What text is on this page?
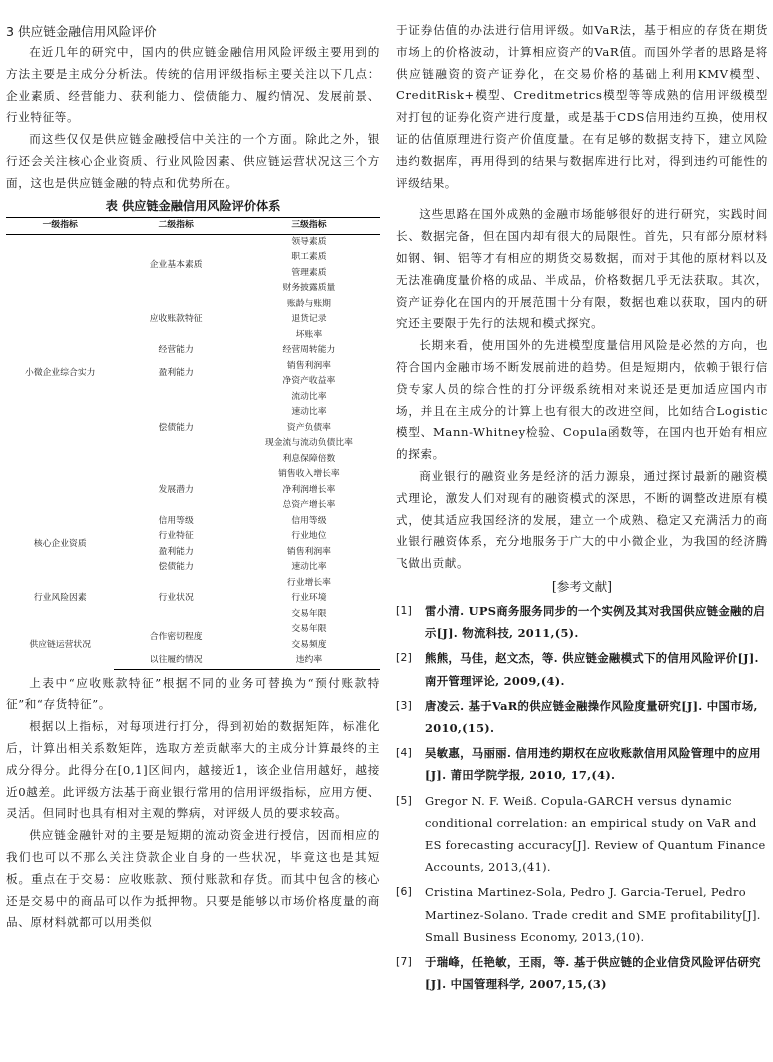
3 供应链金融信用风险评价

在近几年的研究中，国内的供应链金融信用风险评级主要用到的方法主要是主成分分析法。传统的信用评级指标主要关注以下几点：企业素质、经营能力、获利能力、偿债能力、履约情况、发展前景、行业特征等。

而这些仅仅是供应链金融授信中关注的一个方面。除此之外，银行还会关注核心企业资质、行业风险因素、供应链运营状况这三个方面，这也是供应链金融的特点和优势所在。

表 供应链金融信用风险评价体系
一级指标	二级指标	三级指标
小微企业综合实力	企业基本素质	领导素质
		职工素质
		管理素质
		财务披露质量
	应收账款特征	账龄与账期
		退货记录
		坏账率
	经营能力	经营周转能力
	盈利能力	销售利润率
		净资产收益率
	偿债能力	流动比率
		速动比率
		资产负债率
		现金流与流动负债比率
		利息保障倍数
	发展潜力	销售收入增长率
		净利润增长率
		总资产增长率
核心企业资质	信用等级	信用等级
	行业特征	行业地位
	盈利能力	销售利润率
	偿债能力	速动比率
行业风险因素	行业状况	行业增长率
		行业环境
		交易年限
供应链运营状况	合作密切程度	交易年限
		交易频度
	以往履约情况	违约率

上表中“应收账款特征”根据不同的业务可替换为“预付账款特征”和“存货特征”。

根据以上指标，对每项进行打分，得到初始的数据矩阵，标准化后，计算出相关系数矩阵，选取方差贡献率大的主成分计算最终的主成分得分。此得分在[0,1]区间内，越接近1，该企业信用越好，越接近0越差。此评级方法基于商业银行常用的信用评级指标，应用方便、灵活。但同时也具有相对主观的弊病，对评级人员的要求较高。

供应链金融针对的主要是短期的流动资金进行授信，因而相应的我们也可以不那么关注贷款企业自身的一些状况，毕竟这也是其短板。重点在于交易：应收账款、预付账款和存货。而其中包含的核心还是交易中的商品可以作为抵押物。只要是能够以市场价格度量的商品、原材料就都可以用类似

于证券估值的办法进行信用评级。如VaR法，基于相应的存货在期货市场上的价格波动，计算相应资产的VaR值。而国外学者的思路是将供应链融资的资产证券化，在交易价格的基础上利用KMV模型、CreditRisk+模型、Creditmetrics模型等等成熟的信用评级模型对打包的证券化资产进行度量，或是基于CDS信用违约互换，使用权证的估值原理进行资产价值度量。在有足够的数据支持下，建立风险违约数据库，再用得到的结果与数据库进行比对，得到违约可能性的评级结果。

这些思路在国外成熟的金融市场能够很好的进行研究，实践时间长、数据完备，但在国内却有很大的局限性。首先，只有部分原材料如钢、铜、铝等才有相应的期货交易数据，而对于其他的原材料以及无法准确度量价格的成品、半成品，价格数据几乎无法获取。其次，资产证券化在国内的开展范围十分有限，数据也难以获取，国内的研究还主要限于先行的法规和模式探究。

长期来看，使用国外的先进模型度量信用风险是必然的方向，也符合国内金融市场不断发展前进的趋势。但是短期内，依赖于银行信贷专家人员的综合性的打分评级系统相对来说还是更加适应国内市场，并且在主成分的计算上也有很大的改进空间，比如结合Logistic模型、Mann-Whitney检验、Copula函数等，在国内也开始有相应的探索。

商业银行的融资业务是经济的活力源泉，通过探讨最新的融资模式理论，激发人们对现有的融资模式的深思，不断的调整改进原有模式，使其适应我国经济的发展，建立一个成熟、稳定又充满活力的商业银行融资体系，充分地服务于广大的中小微企业，为我国的经济腾飞做出贡献。

[参考文献]
[1]	雷小清. UPS商务服务同步的一个实例及其对我国供应链金融的启示[J]. 物流科技, 2011,(5).
[2]	熊熊，马佳，赵文杰，等. 供应链金融模式下的信用风险评价[J]. 南开管理评论, 2009,(4).
[3]	唐凌云. 基于VaR的供应链金融操作风险度量研究[J]. 中国市场, 2010,(15).
[4]	吴敏惠，马丽丽. 信用违约期权在应收账款信用风险管理中的应用[J]. 莆田学院学报, 2010, 17,(4).
[5]	Gregor N. F. Weiß. Copula-GARCH versus dynamic conditional correlation: an empirical study on VaR and ES forecasting accuracy[J]. Review of Quantum Finance Accounts, 2013,(41).
[6]	Cristina Martinez-Sola, Pedro J. Garcia-Teruel, Pedro Martinez-Solano. Trade credit and SME profitability[J]. Small Business Economy, 2013,(10).
[7]	于瑞峰，任艳敏，王雨，等. 基于供应链的企业信贷风险评估研究[J]. 中国管理科学, 2007,15,(3)
